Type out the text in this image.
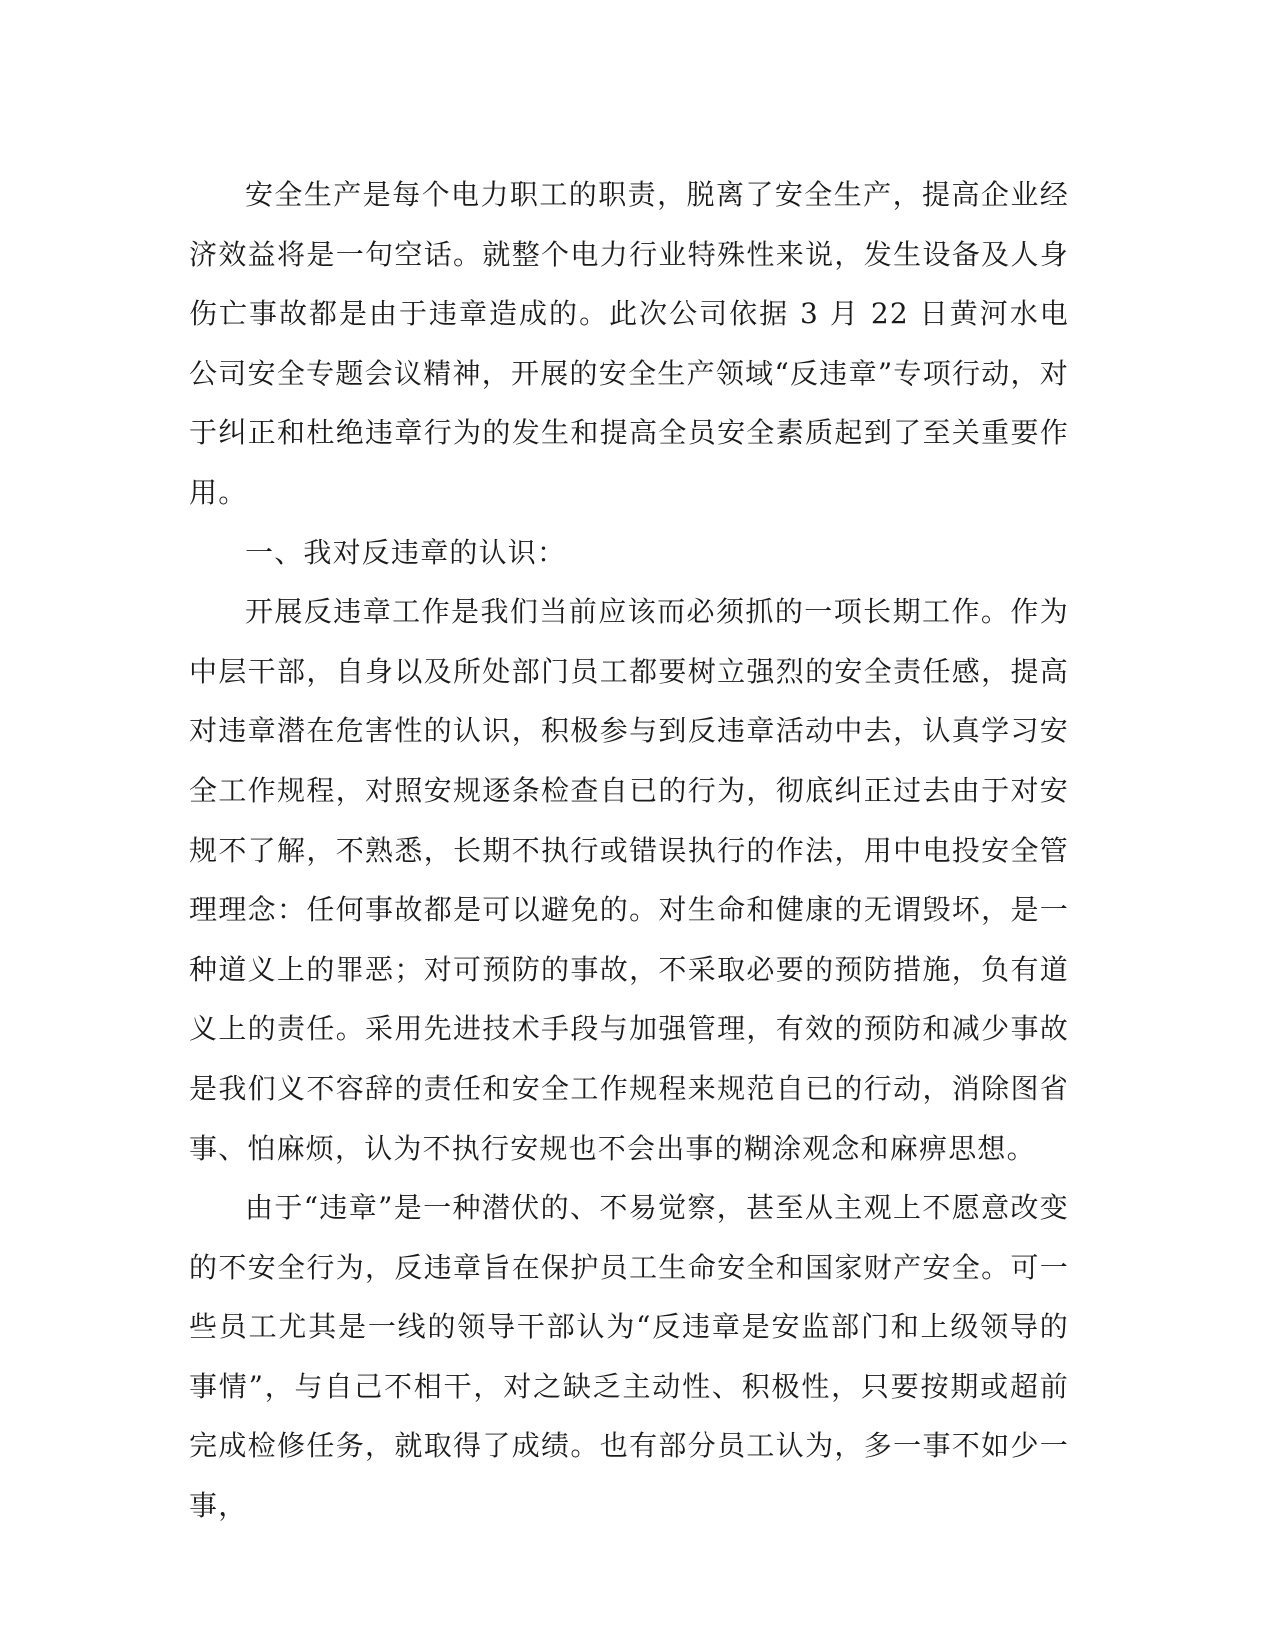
安全生产是每个电力职工的职责，脱离了安全生产，提高企业经济效益将是一句空话。就整个电力行业特殊性来说，发生设备及人身伤亡事故都是由于违章造成的。此次公司依据 3 月 22 日黄河水电公司安全专题会议精神，开展的安全生产领域“反违章”专项行动，对于纠正和杜绝违章行为的发生和提高全员安全素质起到了至关重要作用。

一、我对反违章的认识：

开展反违章工作是我们当前应该而必须抓的一项长期工作。作为中层干部，自身以及所处部门员工都要树立强烈的安全责任感，提高对违章潜在危害性的认识，积极参与到反违章活动中去，认真学习安全工作规程，对照安规逐条检查自已的行为，彻底纠正过去由于对安规不了解，不熟悉，长期不执行或错误执行的作法，用中电投安全管理理念：任何事故都是可以避免的。对生命和健康的无谓毁坏，是一种道义上的罪恶；对可预防的事故，不采取必要的预防措施，负有道义上的责任。采用先进技术手段与加强管理，有效的预防和减少事故是我们义不容辞的责任和安全工作规程来规范自已的行动，消除图省事、怕麻烦，认为不执行安规也不会出事的糊涂观念和麻痹思想。

由于“违章”是一种潜伏的、不易觉察，甚至从主观上不愿意改变的不安全行为，反违章旨在保护员工生命安全和国家财产安全。可一些员工尤其是一线的领导干部认为“反违章是安监部门和上级领导的事情”，与自己不相干，对之缺乏主动性、积极性，只要按期或超前完成检修任务，就取得了成绩。也有部分员工认为，多一事不如少一事，
